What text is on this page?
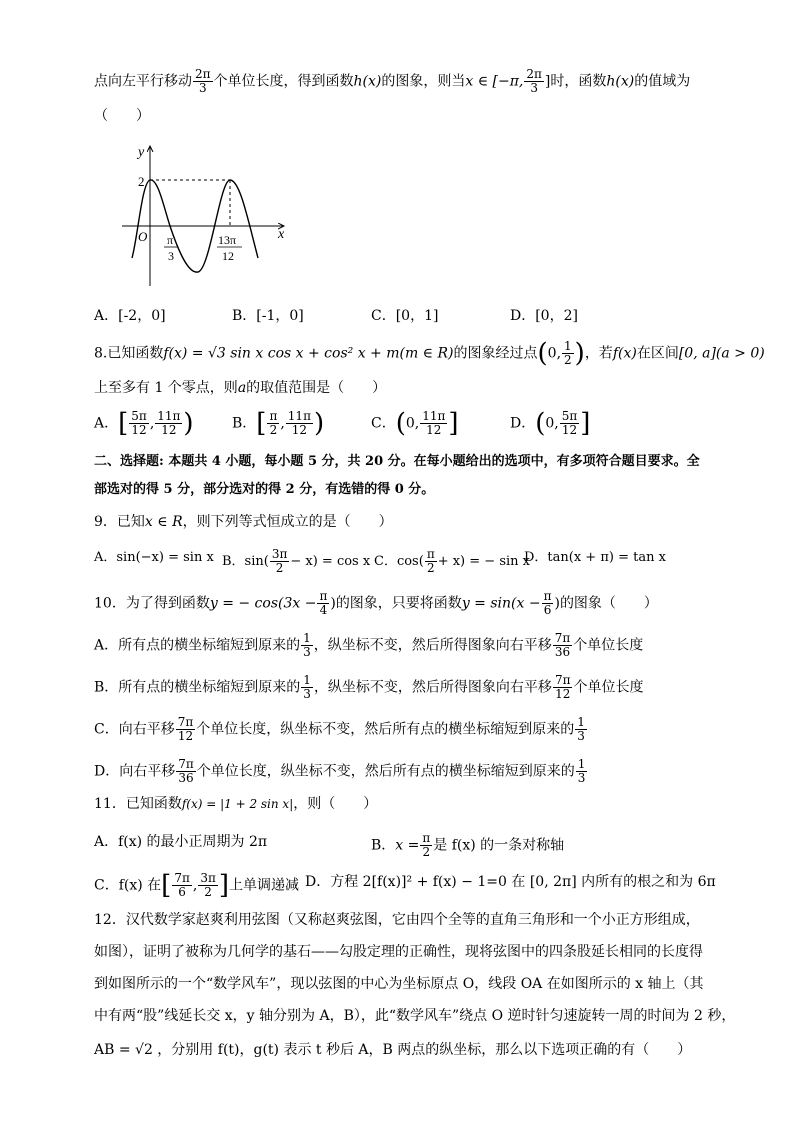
点向左平行移动 $\frac{2\pi}{3}$ 个单位长度，得到函数h(x)的图象，则当x ∈ [−π, $\frac{2\pi}{3}$ ]时，函数h(x)的值域为
（　　）
y
x
O
2
π
3
13π
12
A．[-2，0]	B．[-1，0]	C．[0，1]	D．[0，2]
8.已知函数f(x) = √3 sin x cos x + cos² x + m(m ∈ R)的图象经过点(0, $\frac{1}{2}$ )，若f(x)在区间[0, a](a > 0)
上至多有 1 个零点，则a的取值范围是（　　）
A．[ $\frac{5\pi}{12}$ , $\frac{11\pi}{12}$ )	B．[ $\frac{\pi}{2}$ , $\frac{11\pi}{12}$ )	C．(0, $\frac{11\pi}{12}$ ]	D．(0, $\frac{5\pi}{12}$ ]
二、选择题: 本题共 4 小题，每小题 5 分，共 20 分。在每小题给出的选项中，有多项符合题目要求。全
部选对的得 5 分，部分选对的得 2 分，有选错的得 0 分。
9．已知x ∈ R，则下列等式恒成立的是（　　）
A．sin(−x) = sin x B．$\sin( \frac{3\pi}{2} - x) = \cos x$ C．$\cos( \frac{\pi}{2} + x)$ = − sin x
D．tan(x + π) = tan x
10．为了得到函数y = − $\cos(3x - \frac{\pi}{4}$ )的图象，只要将函数$y = \sin(x - \frac{\pi}{6}$ )的图象（　　）
A．所有点的横坐标缩短到原来的 $\frac{1}{3}$ ，纵坐标不变，然后所得图象向右平移 $\frac{7\pi}{36}$ 个单位长度
B．所有点的横坐标缩短到原来的 $\frac{1}{3}$ ，纵坐标不变，然后所得图象向右平移 $\frac{7\pi}{12}$ 个单位长度
C．向右平移 $\frac{7\pi}{12}$ 个单位长度，纵坐标不变，然后所有点的横坐标缩短到原来的 $\frac{1}{3}$
D．向右平移 $\frac{7\pi}{36}$ 个单位长度，纵坐标不变，然后所有点的横坐标缩短到原来的 $\frac{1}{3}$
11．已知函数f(x) = |1 + 2 sin x|，则（　　）
A．f(x) 的最小正周期为 2π	B．$x = \frac{\pi}{2}$ 是 f(x) 的一条对称轴
C．f(x) 在[ $\frac{7\pi}{6}$ , $\frac{3\pi}{2}$ ]上单调递减 D．方程 2[f(x)]² + f(x) − 1=0 在 [0, 2π] 内所有的根之和为 6π
12．汉代数学家赵爽利用弦图（又称赵爽弦图，它由四个全等的直角三角形和一个小正方形组成，
如图），证明了被称为几何学的基石——勾股定理的正确性，现将弦图中的四条股延长相同的长度得
到如图所示的一个“数学风车”，现以弦图的中心为坐标原点 O，线段 OA 在如图所示的 x 轴上（其
中有两“股”线延长交 x，y 轴分别为 A，B），此“数学风车”绕点 O 逆时针匀速旋转一周的时间为 2 秒，
AB = √2 ，分别用 f(t)，g(t) 表示 t 秒后 A，B 两点的纵坐标，那么以下选项正确的有（　　）
